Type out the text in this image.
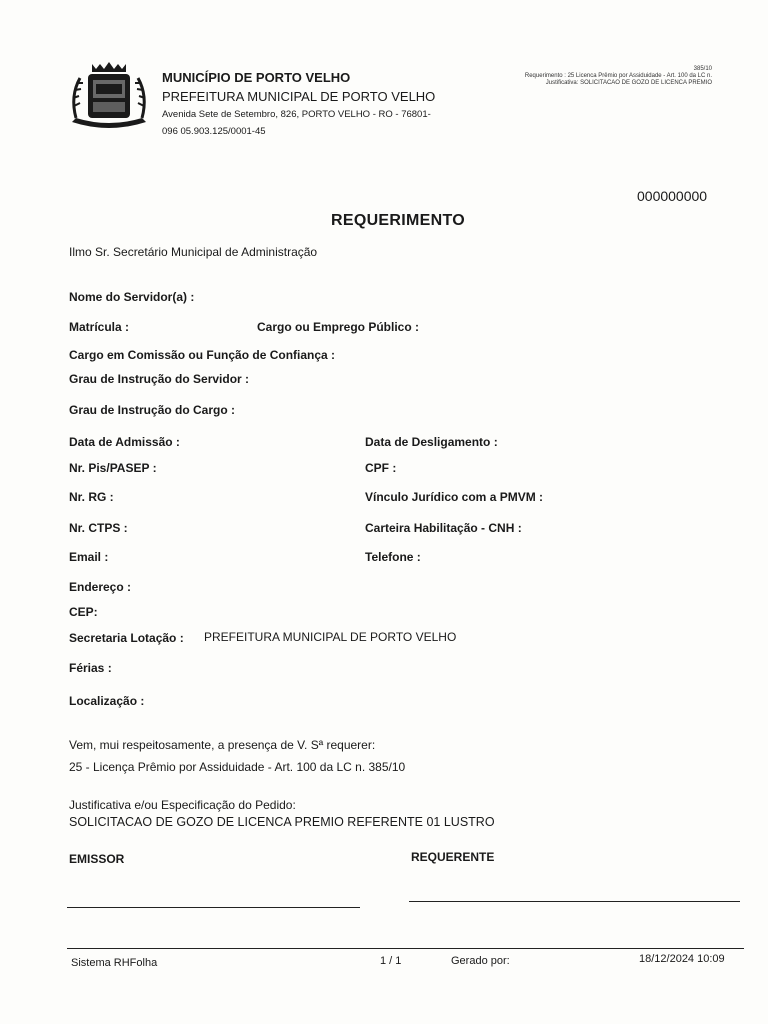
MUNICÍPIO DE PORTO VELHO
PREFEITURA MUNICIPAL DE PORTO VELHO
Avenida Sete de Setembro, 826, PORTO VELHO - RO - 76801-
096 05.903.125/0001-45
385/10
Requerimento : 25 Licenca Prêmio por Assiduidade - Art. 100 da LC n.
Justificativa: SOLICITACAO DE GOZO DE LICENCA PREMIO
000000000
REQUERIMENTO
Ilmo Sr. Secretário Municipal de Administração
Nome do Servidor(a) :
Matrícula :	Cargo ou Emprego Público :
Cargo em Comissão ou Função de Confiança :
Grau de Instrução do Servidor :
Grau de Instrução do Cargo :
Data de Admissão :	Data de Desligamento :
Nr. Pis/PASEP :	CPF :
Nr. RG :	Vínculo Jurídico com a PMVM :
Nr. CTPS :	Carteira Habilitação - CNH :
Email :	Telefone :
Endereço :
CEP:
Secretaria Lotação : PREFEITURA MUNICIPAL DE PORTO VELHO
Férias :
Localização :
Vem, mui respeitosamente, a presença de V. Sª requerer:
25 - Licença Prêmio por Assiduidade - Art. 100 da LC n. 385/10
Justificativa e/ou Especificação do Pedido:
SOLICITACAO DE GOZO DE LICENCA PREMIO REFERENTE 01 LUSTRO
EMISSOR	REQUERENTE
Sistema RHFolha	1 / 1	Gerado por:	18/12/2024 10:09
